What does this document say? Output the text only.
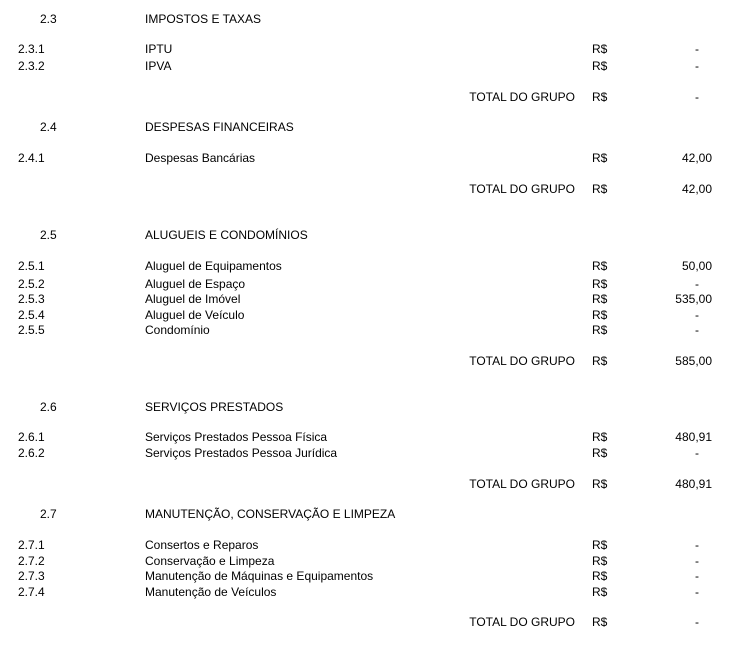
2.3	IMPOSTOS E TAXAS
2.3.1	IPTU	R$	-
2.3.2	IPVA	R$	-
TOTAL DO GRUPO R$	-
2.4	DESPESAS FINANCEIRAS
2.4.1	Despesas Bancárias	R$	42,00
TOTAL DO GRUPO R$	42,00
2.5	ALUGUEIS E CONDOMÍNIOS
2.5.1	Aluguel de Equipamentos	R$	50,00
2.5.2	Aluguel de Espaço	R$	-
2.5.3	Aluguel de Imóvel	R$	535,00
2.5.4	Aluguel de Veículo	R$	-
2.5.5	Condomínio	R$	-
TOTAL DO GRUPO R$	585,00
2.6	SERVIÇOS PRESTADOS
2.6.1	Serviços Prestados Pessoa Física	R$	480,91
2.6.2	Serviços Prestados Pessoa Jurídica	R$	-
TOTAL DO GRUPO R$	480,91
2.7	MANUTENÇÃO, CONSERVAÇÃO E LIMPEZA
2.7.1	Consertos e Reparos	R$	-
2.7.2	Conservação e Limpeza	R$	-
2.7.3	Manutenção de Máquinas e Equipamentos	R$	-
2.7.4	Manutenção de Veículos	R$	-
TOTAL DO GRUPO R$	-
